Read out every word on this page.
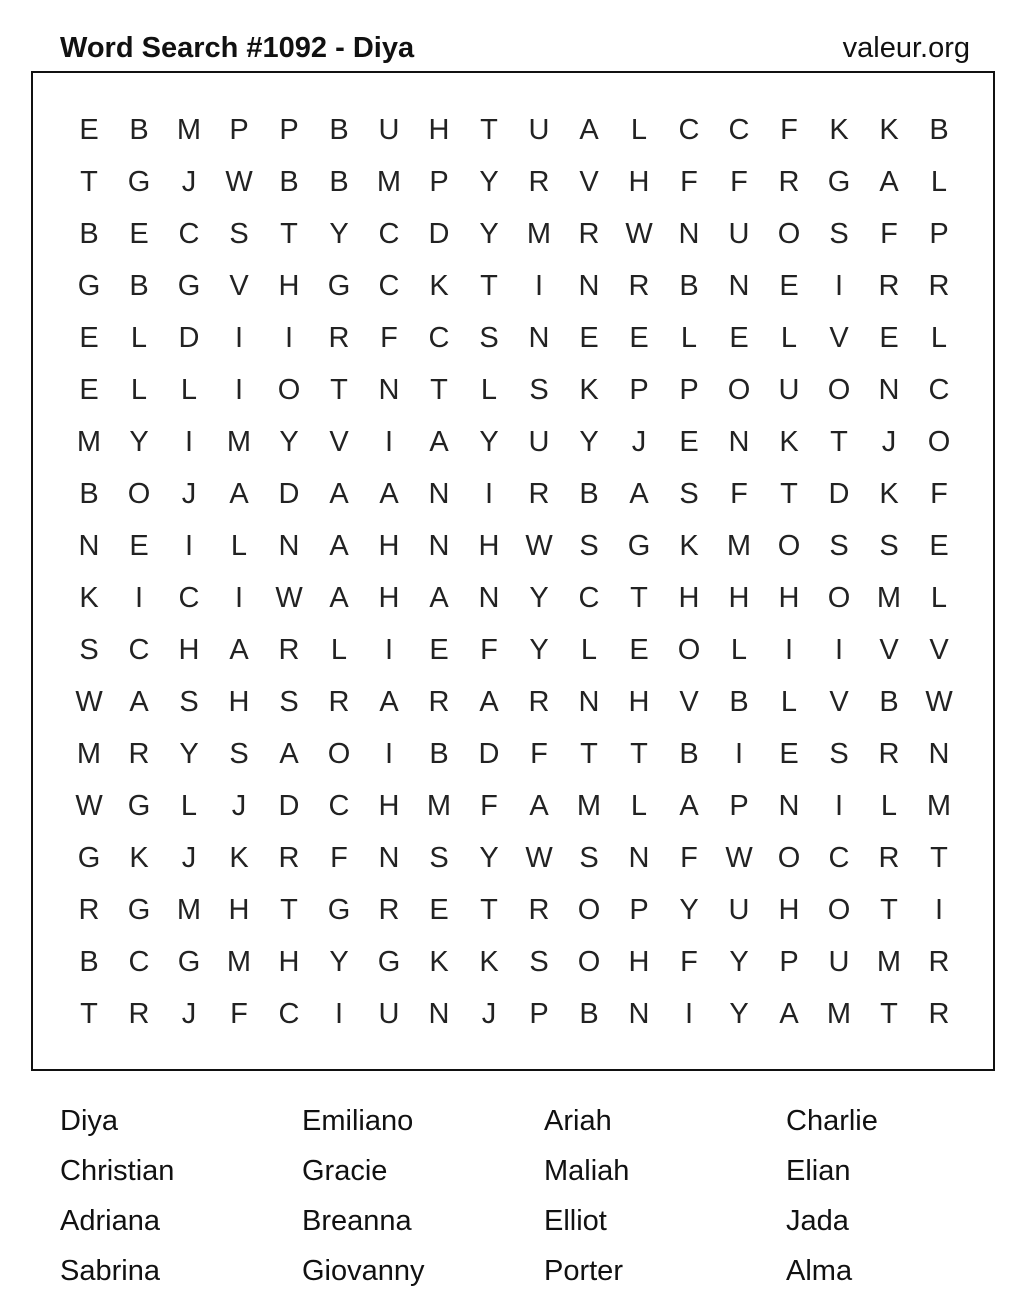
Word Search #1092 - Diya	valeur.org
E	B M P	P	B	U	H	T	U	A	L	C	C	F	K	K	B
T	G	J	W B	B M P	Y	R	V	H	F	F	R G	A	L
B	E	C	S	T	Y	C	D	Y M R W N	U O	S	F	P
G	B	G	V	H G C	K	T	I	N	R	B	N	E	I	R	R
E	L	D	I	I	R	F	C	S	N	E	E	L	E	L	V	E	L
E	L	L	I	O	T	N	T	L	S	K	P	P	O U O N	C
M Y	I	M Y	V	I	A	Y	U	Y	J	E	N	K	T	J	O
B	O	J	A	D	A	A	N	I	R	B	A	S	F	T	D	K	F
N	E	I	L	N	A	H	N	H W S	G	K M O	S	S	E
K	I	C	I	W A	H	A	N	Y	C	T	H	H	H O M	L
S	C	H	A	R	L	I	E	F	Y	L	E	O	L	I	I	V	V
W A	S	H	S	R	A	R	A	R	N	H	V	B	L	V	B W
M R	Y	S	A	O	I	B	D	F	T	T	B	I	E	S	R	N
W G	L	J	D	C	H M	F	A M	L	A	P	N	I	L	M
G	K	J	K	R	F	N	S	Y W S	N	F W O C	R	T
R G M H	T	G R	E	T	R O	P	Y	U	H O	T	I
B	C G M H	Y	G	K	K	S	O H	F	Y	P	U M R
T	R	J	F	C	I	U	N	J	P	B	N	I	Y	A M	T	R
Diya	Emiliano	Ariah	Charlie
Christian	Gracie	Maliah	Elian
Adriana	Breanna	Elliot	Jada
Sabrina	Giovanny	Porter	Alma
